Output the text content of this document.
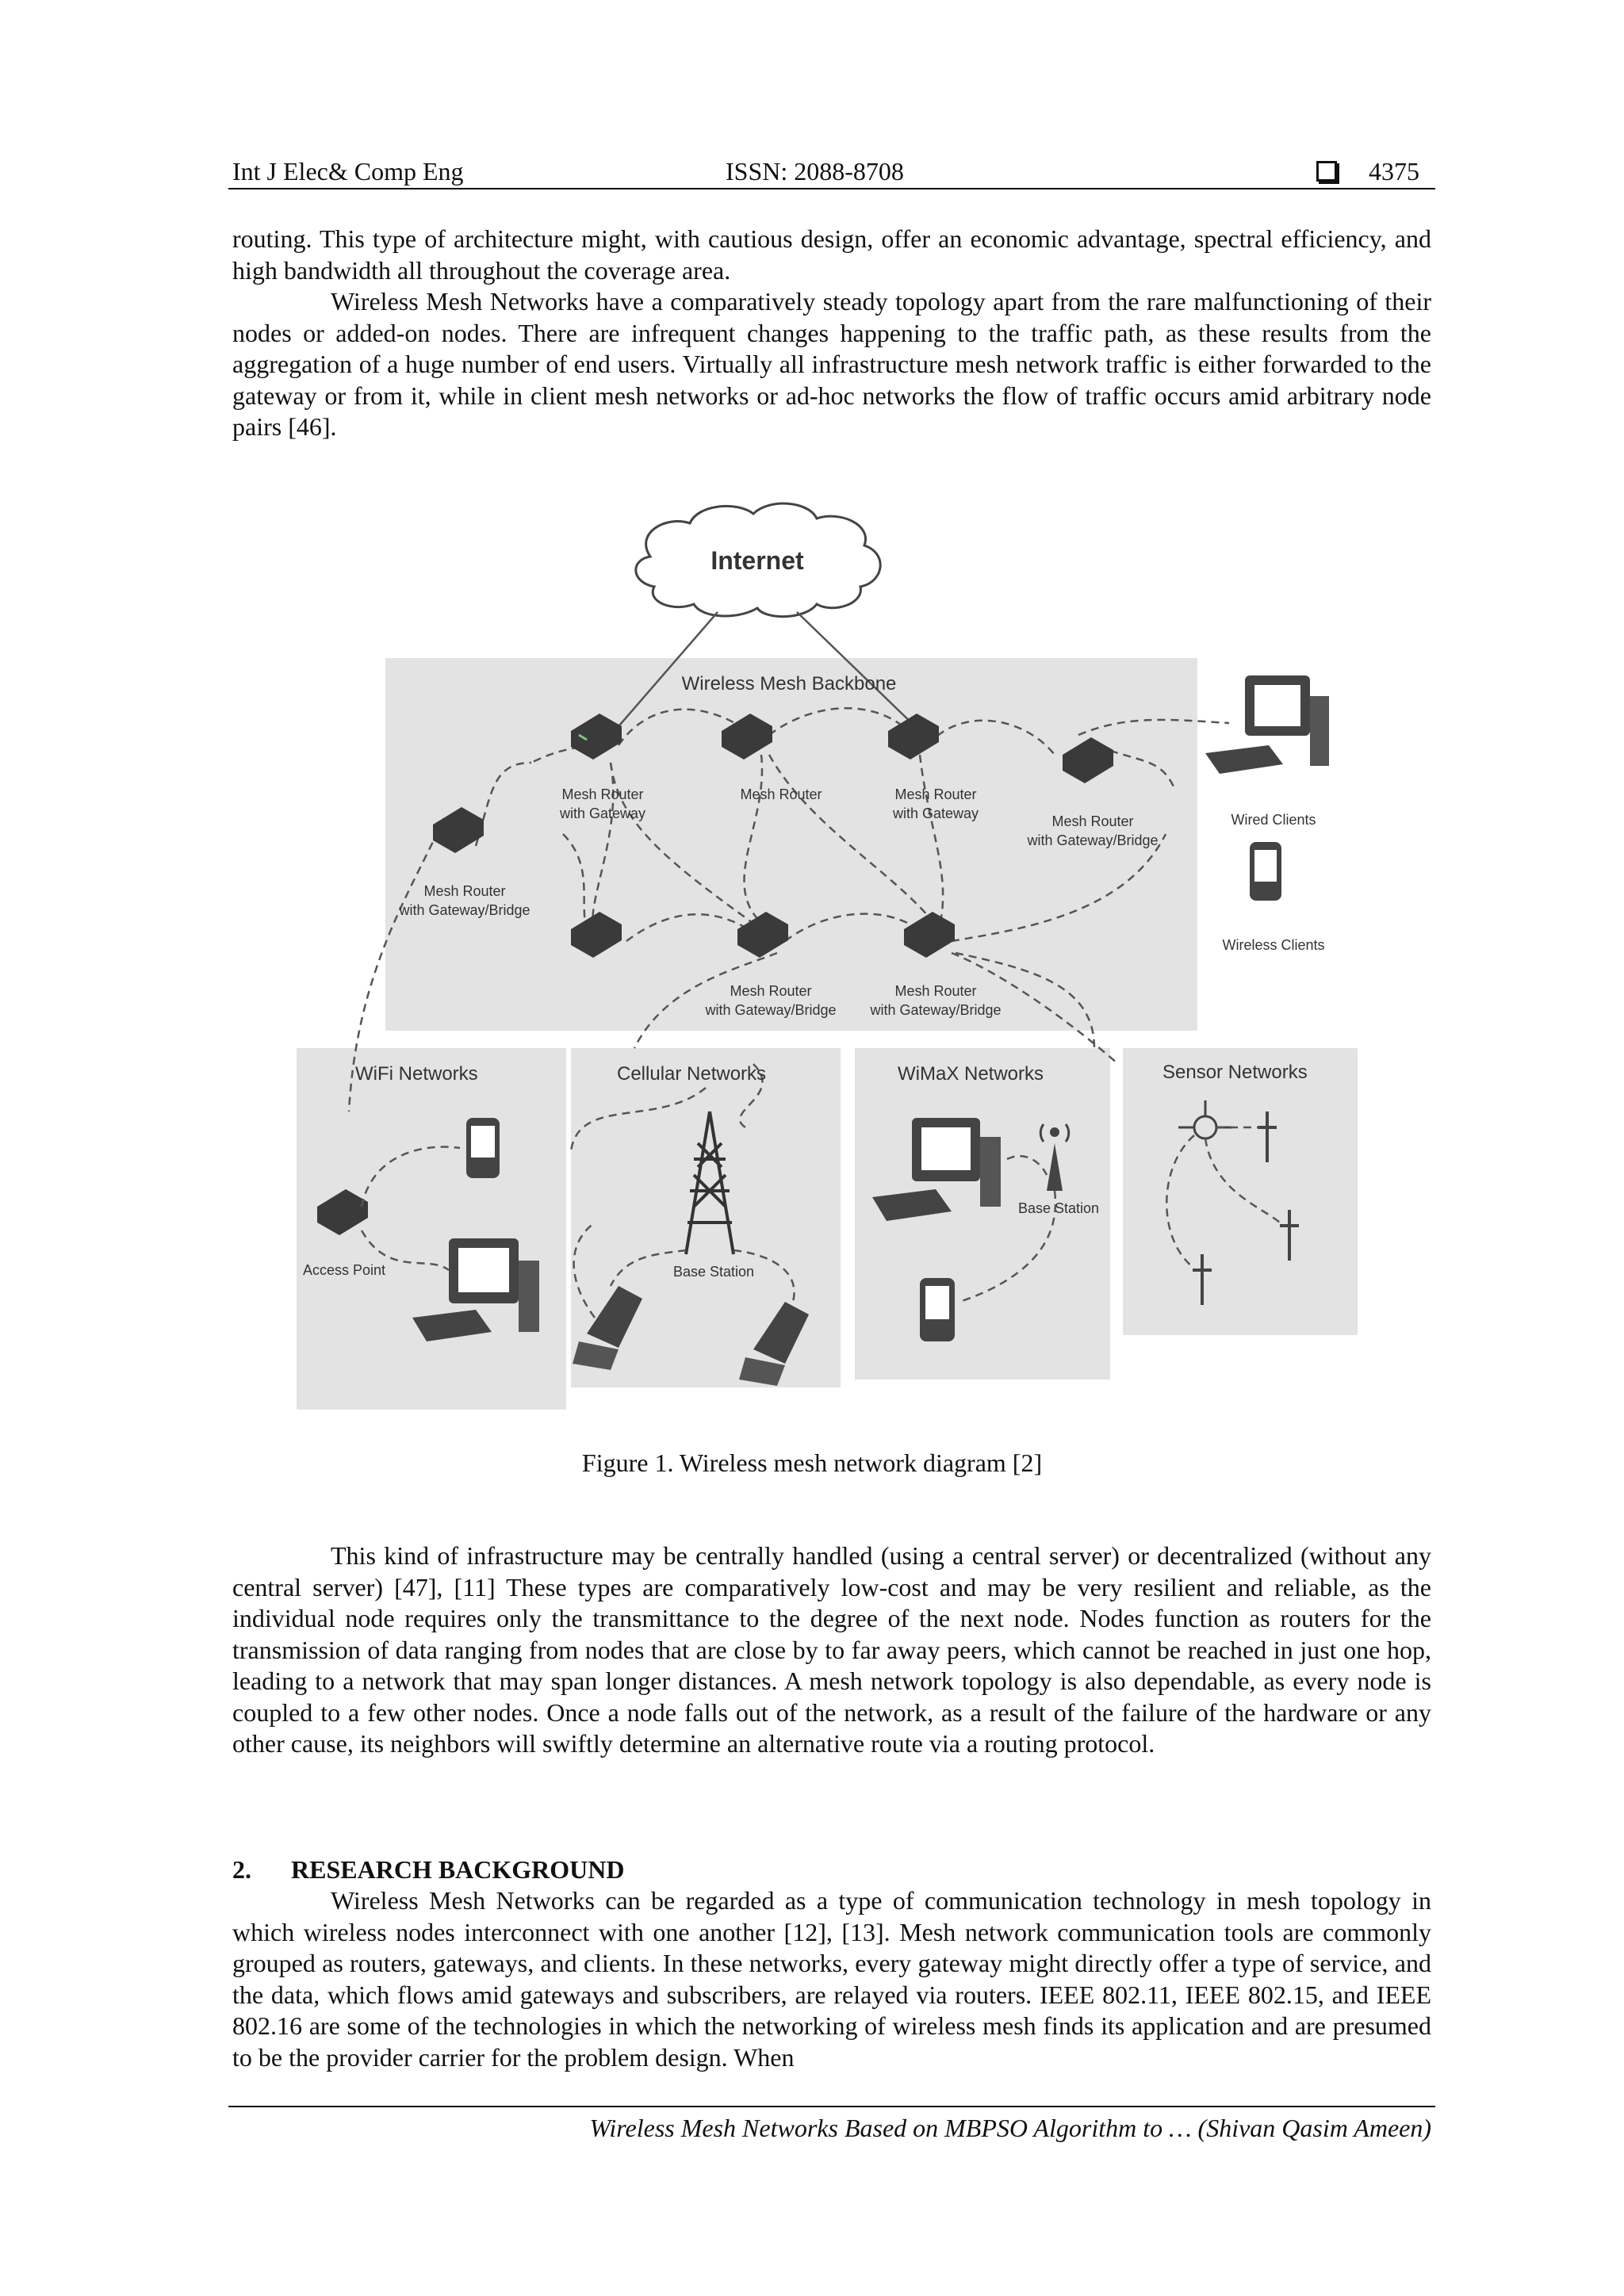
Int J Elec& Comp Eng	ISSN: 2088-8708	4375

routing. This type of architecture might, with cautious design, offer an economic advantage, spectral efficiency, and high bandwidth all throughout the coverage area.

Wireless Mesh Networks have a comparatively steady topology apart from the rare malfunctioning of their nodes or added-on nodes. There are infrequent changes happening to the traffic path, as these results from the aggregation of a huge number of end users. Virtually all infrastructure mesh network traffic is either forwarded to the gateway or from it, while in client mesh networks or ad-hoc networks the flow of traffic occurs amid arbitrary node pairs [46].

Internet
Wireless Mesh Backbone
Mesh Router
with Gateway
Mesh Router	Mesh Router
with Gateway	Mesh Router
with Gateway/Bridge
Mesh Router
with Gateway/Bridge
Mesh Router
with Gateway/Bridge
Mesh Router
with Gateway/Bridge
Wired Clients
Wireless Clients
WiFi Networks	Cellular Networks	WiMaX Networks	Sensor Networks
Access Point	Base Station
Base Station
Figure 1. Wireless mesh network diagram [2]

This kind of infrastructure may be centrally handled (using a central server) or decentralized (without any central server) [47], [11] These types are comparatively low-cost and may be very resilient and reliable, as the individual node requires only the transmittance to the degree of the next node. Nodes function as routers for the transmission of data ranging from nodes that are close by to far away peers, which cannot be reached in just one hop, leading to a network that may span longer distances. A mesh network topology is also dependable, as every node is coupled to a few other nodes. Once a node falls out of the network, as a result of the failure of the hardware or any other cause, its neighbors will swiftly determine an alternative route via a routing protocol.

2. RESEARCH BACKGROUND

Wireless Mesh Networks can be regarded as a type of communication technology in mesh topology in which wireless nodes interconnect with one another [12], [13]. Mesh network communication tools are commonly grouped as routers, gateways, and clients. In these networks, every gateway might directly offer a type of service, and the data, which flows amid gateways and subscribers, are relayed via routers. IEEE 802.11, IEEE 802.15, and IEEE 802.16 are some of the technologies in which the networking of wireless mesh finds its application and are presumed to be the provider carrier for the problem design. When

Wireless Mesh Networks Based on MBPSO Algorithm to … (Shivan Qasim Ameen)
